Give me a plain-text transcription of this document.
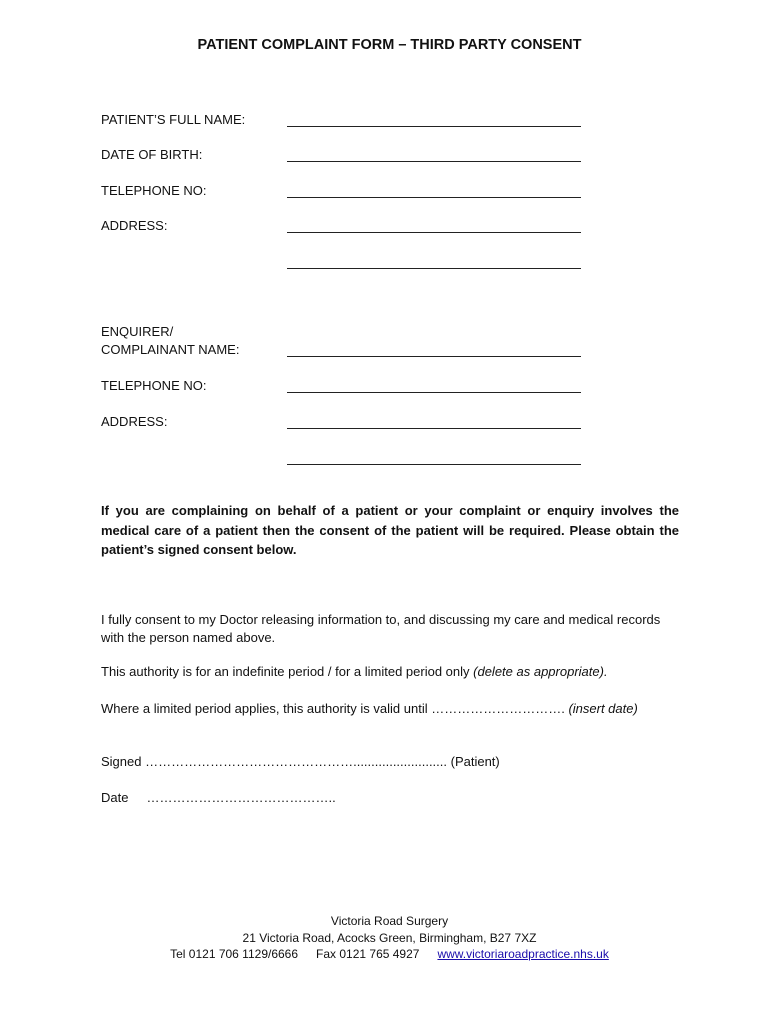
PATIENT COMPLAINT FORM – THIRD PARTY CONSENT
PATIENT’S FULL NAME:
DATE OF BIRTH:
TELEPHONE NO:
ADDRESS:
ENQUIRER/
COMPLAINANT NAME:
TELEPHONE NO:
ADDRESS:
If you are complaining on behalf of a patient or your complaint or enquiry involves the medical care of a patient then the consent of the patient will be required. Please obtain the patient’s signed consent below.
I fully consent to my Doctor releasing information to, and discussing my care and medical records with the person named above.
This authority is for an indefinite period / for a limited period only (delete as appropriate).
Where a limited period applies, this authority is valid until …………………………. (insert date)
Signed ………………………………………….......................... (Patient)
Date ……………………………………..
Victoria Road Surgery
21 Victoria Road, Acocks Green, Birmingham, B27 7XZ
Tel 0121 706 1129/6666 Fax 0121 765 4927 www.victoriaroadpractice.nhs.uk
